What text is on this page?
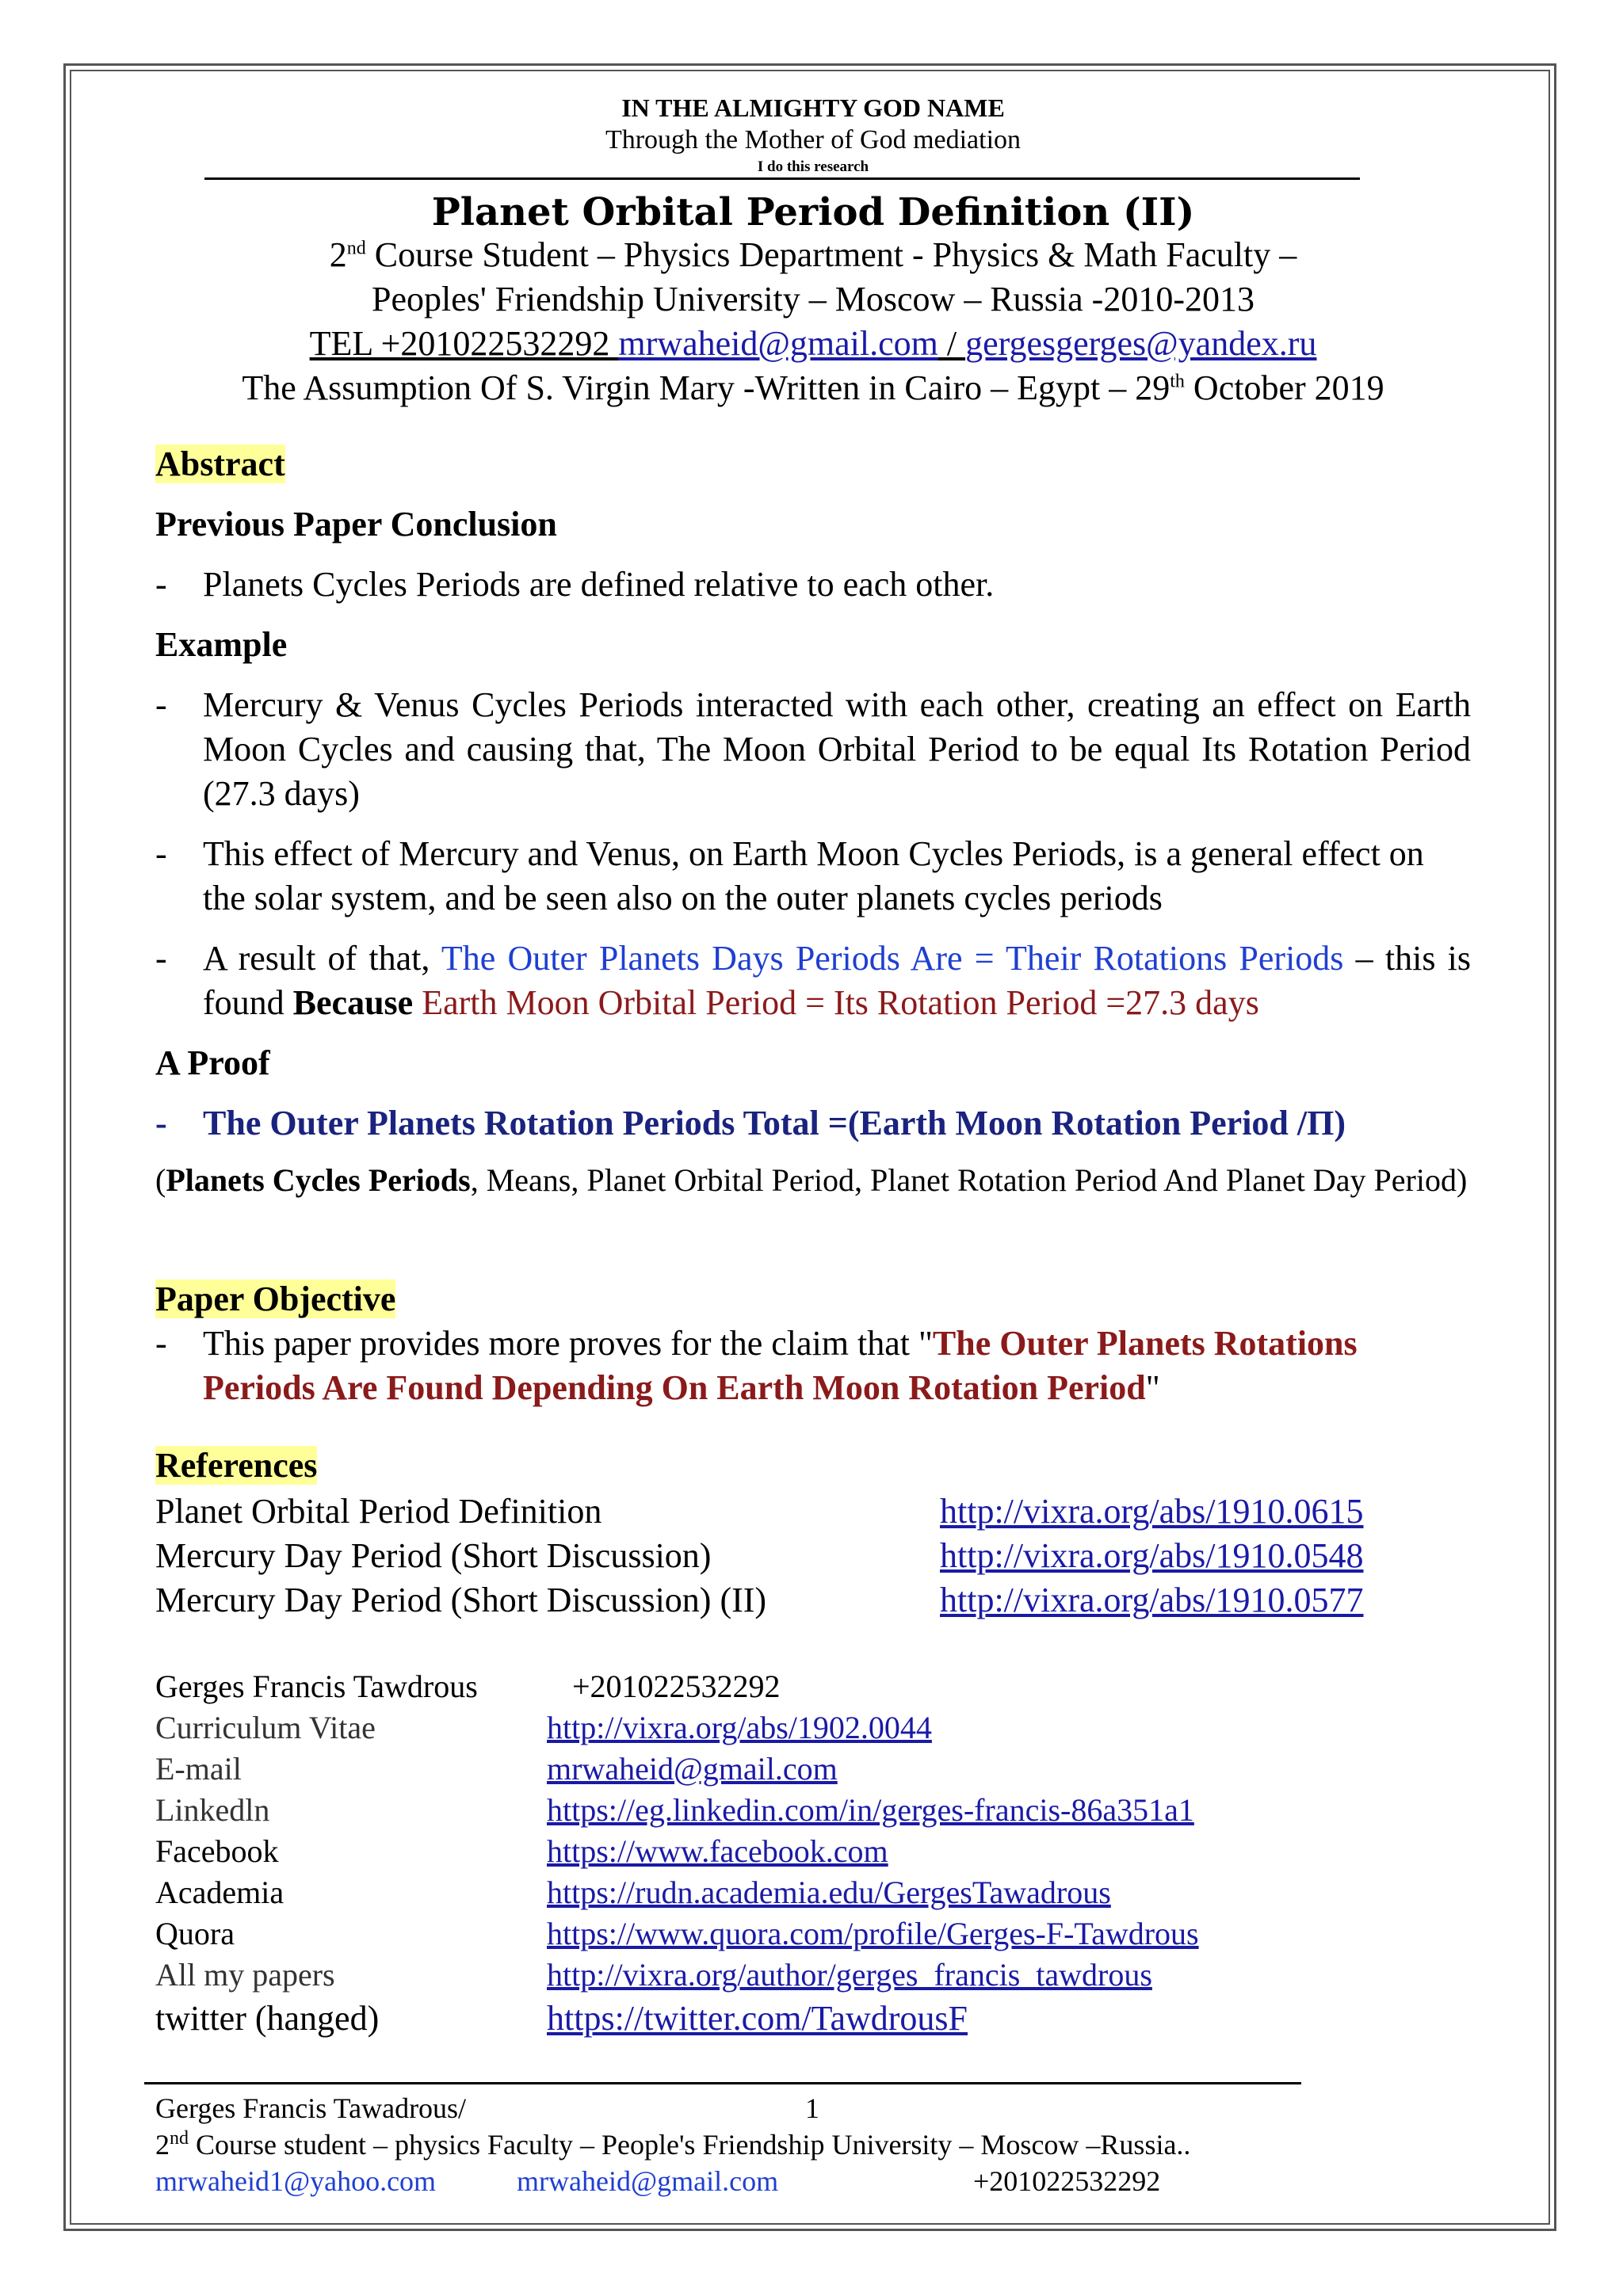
IN THE ALMIGHTY GOD NAME
Through the Mother of God mediation
I do this research
Planet Orbital Period Definition (II)
2nd Course Student – Physics Department - Physics & Math Faculty –
Peoples' Friendship University – Moscow – Russia -2010-2013
TEL +201022532292 mrwaheid@gmail.com / gergesgerges@yandex.ru
The Assumption Of S. Virgin Mary -Written in Cairo – Egypt – 29th October 2019
Abstract
Previous Paper Conclusion
- Planets Cycles Periods are defined relative to each other.
Example
- Mercury & Venus Cycles Periods interacted with each other, creating an effect on Earth Moon Cycles and causing that, The Moon Orbital Period to be equal Its Rotation Period (27.3 days)
- This effect of Mercury and Venus, on Earth Moon Cycles Periods, is a general effect on the solar system, and be seen also on the outer planets cycles periods
- A result of that, The Outer Planets Days Periods Are = Their Rotations Periods – this is found Because Earth Moon Orbital Period = Its Rotation Period =27.3 days
A Proof
- The Outer Planets Rotation Periods Total =(Earth Moon Rotation Period /Π)
(Planets Cycles Periods, Means, Planet Orbital Period, Planet Rotation Period And Planet Day Period)
Paper Objective
- This paper provides more proves for the claim that "The Outer Planets Rotations Periods Are Found Depending On Earth Moon Rotation Period"
References
Planet Orbital Period Definition	http://vixra.org/abs/1910.0615
Mercury Day Period (Short Discussion)	http://vixra.org/abs/1910.0548
Mercury Day Period (Short Discussion) (II)	http://vixra.org/abs/1910.0577
Gerges Francis Tawdrous	+201022532292
Curriculum Vitae	http://vixra.org/abs/1902.0044
E-mail	mrwaheid@gmail.com
Linkedln	https://eg.linkedin.com/in/gerges-francis-86a351a1
Facebook	https://www.facebook.com
Academia	https://rudn.academia.edu/GergesTawadrous
Quora	https://www.quora.com/profile/Gerges-F-Tawdrous
All my papers	http://vixra.org/author/gerges_francis_tawdrous
twitter (hanged)	https://twitter.com/TawdrousF
Gerges Francis Tawadrous/	1
2nd Course student – physics Faculty – People's Friendship University – Moscow –Russia..
mrwaheid1@yahoo.com	mrwaheid@gmail.com	+201022532292
